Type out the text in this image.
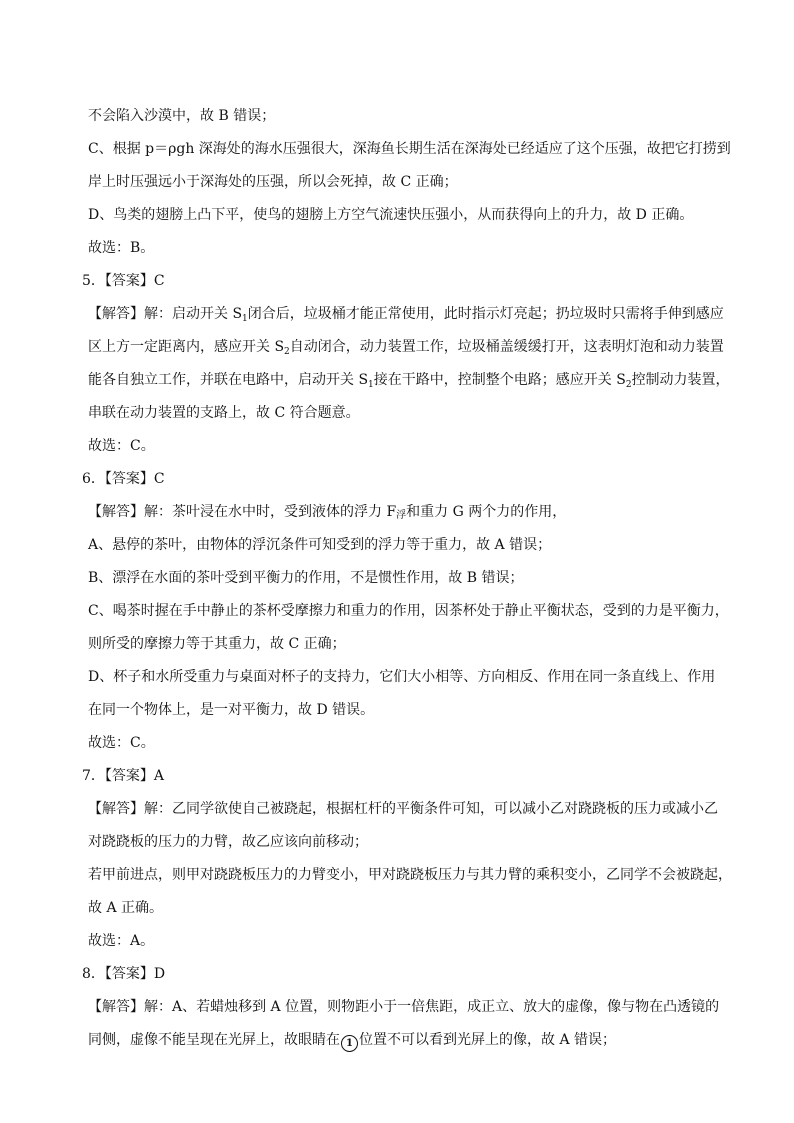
不会陷入沙漠中，故 B 错误；

C、根据 p＝ρgh 深海处的海水压强很大，深海鱼长期生活在深海处已经适应了这个压强，故把它打捞到

岸上时压强远小于深海处的压强，所以会死掉，故 C 正确；

D、鸟类的翅膀上凸下平，使鸟的翅膀上方空气流速快压强小，从而获得向上的升力，故 D 正确。

故选：B。

5．【答案】C

【解答】解：启动开关 $S_1$闭合后，垃圾桶才能正常使用，此时指示灯亮起；扔垃圾时只需将手伸到感应

区上方一定距离内，感应开关 $S_2$自动闭合，动力装置工作，垃圾桶盖缓缓打开，这表明灯泡和动力装置

能各自独立工作，并联在电路中，启动开关 $S_1$接在干路中，控制整个电路；感应开关 $S_2$控制动力装置，

串联在动力装置的支路上，故 C 符合题意。

故选：C。

6．【答案】C

【解答】解：茶叶浸在水中时，受到液体的浮力 $F_浮$和重力 G 两个力的作用，

A、悬停的茶叶，由物体的浮沉条件可知受到的浮力等于重力，故 A 错误；

B、漂浮在水面的茶叶受到平衡力的作用，不是惯性作用，故 B 错误；

C、喝茶时握在手中静止的茶杯受摩擦力和重力的作用，因茶杯处于静止平衡状态，受到的力是平衡力，

则所受的摩擦力等于其重力，故 C 正确；

D、杯子和水所受重力与桌面对杯子的支持力，它们大小相等、方向相反、作用在同一条直线上、作用

在同一个物体上，是一对平衡力，故 D 错误。

故选：C。

7．【答案】A

【解答】解：乙同学欲使自己被跷起，根据杠杆的平衡条件可知，可以减小乙对跷跷板的压力或减小乙

对跷跷板的压力的力臂，故乙应该向前移动；

若甲前进点，则甲对跷跷板压力的力臂变小，甲对跷跷板压力与其力臂的乘积变小，乙同学不会被跷起，

故 A 正确。

故选：A。

8．【答案】D

【解答】解：A、若蜡烛移到 A 位置，则物距小于一倍焦距，成正立、放大的虚像，像与物在凸透镜的

同侧，虚像不能呈现在光屏上，故眼睛在 1 位置不可以看到光屏上的像，故 A 错误；
